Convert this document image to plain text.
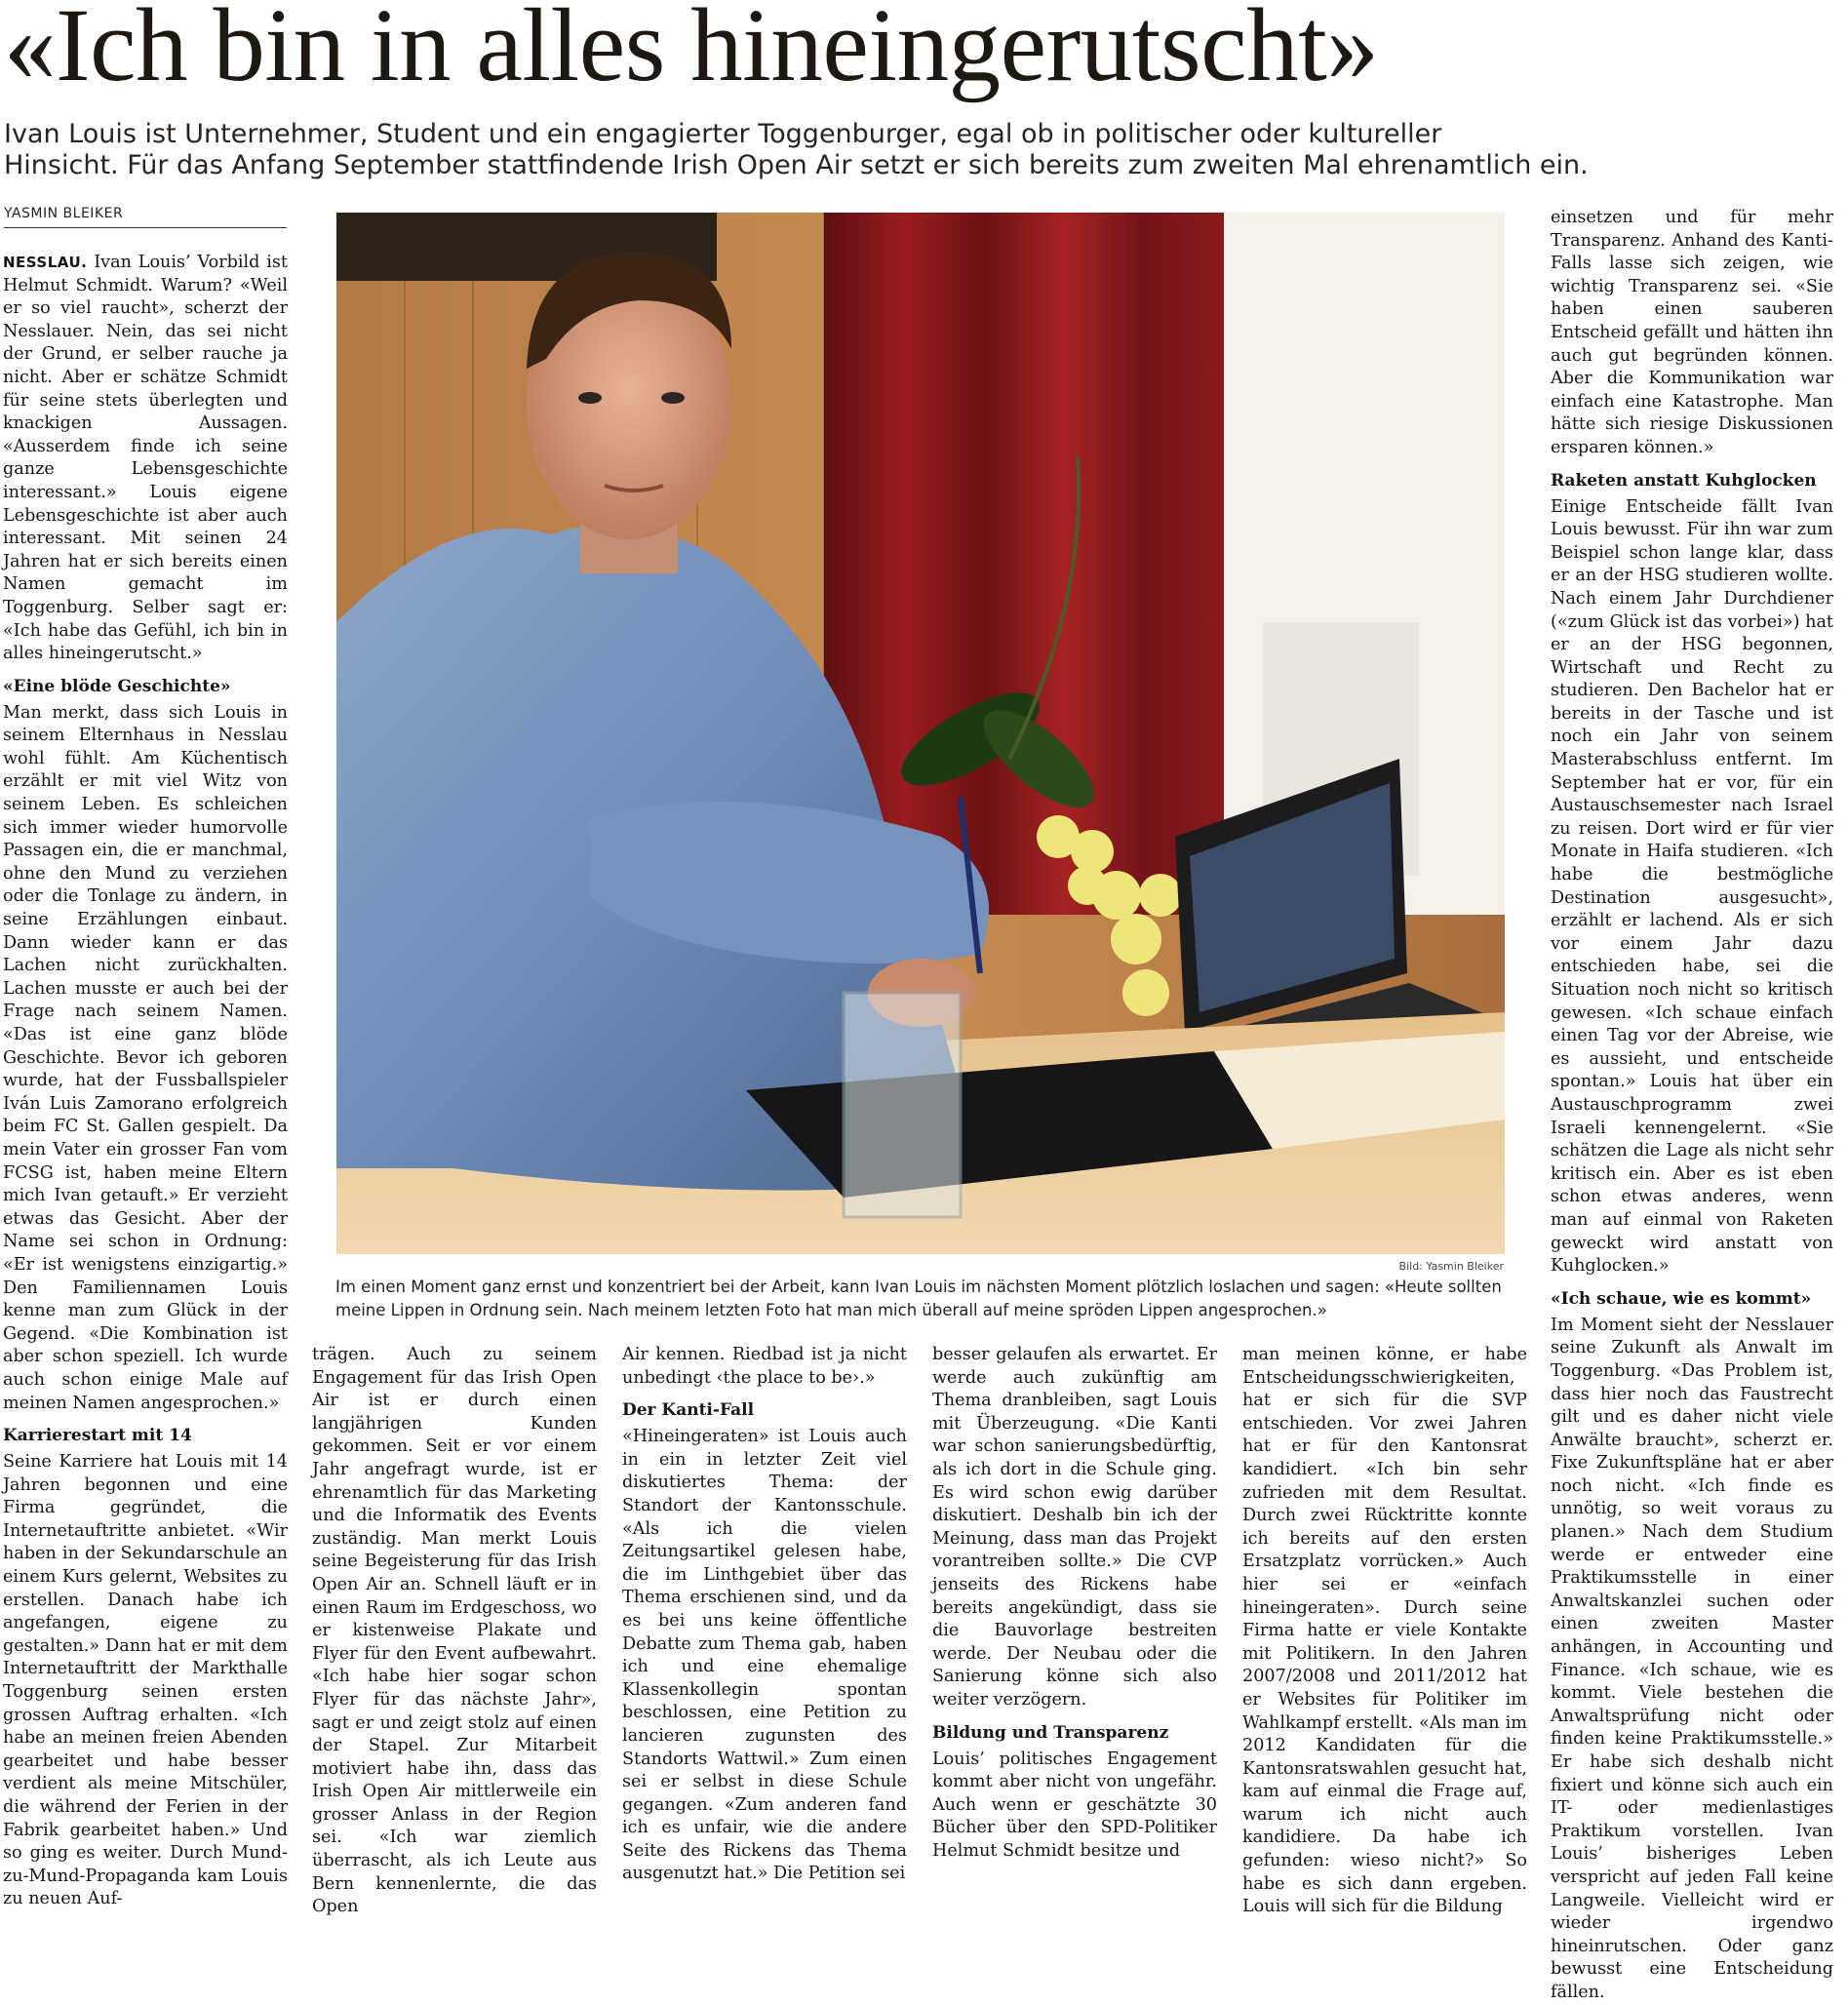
«Ich bin in alles hineingerutscht»
Ivan Louis ist Unternehmer, Student und ein engagierter Toggenburger, egal ob in politischer oder kultureller
Hinsicht. Für das Anfang September stattfindende Irish Open Air setzt er sich bereits zum zweiten Mal ehrenamtlich ein.
YASMIN BLEIKER
Bild: Yasmin Bleiker
Im einen Moment ganz ernst und konzentriert bei der Arbeit, kann Ivan Louis im nächsten Moment plötzlich loslachen und sagen: «Heute sollten
meine Lippen in Ordnung sein. Nach meinem letzten Foto hat man mich überall auf meine spröden Lippen angesprochen.»

NESSLAU. Ivan Louis’ Vorbild ist Helmut Schmidt. Warum? «Weil er so viel raucht», scherzt der Nesslauer. Nein, das sei nicht der Grund, er selber rauche ja nicht. Aber er schätze Schmidt für seine stets überlegten und knackigen Aussagen. «Ausserdem finde ich seine ganze Lebensgeschichte interessant.» Louis eigene Lebensgeschichte ist aber auch interessant. Mit seinen 24 Jahren hat er sich bereits einen Namen gemacht im Toggenburg. Selber sagt er: «Ich habe das Gefühl, ich bin in alles hineingerutscht.»

«Eine blöde Geschichte»

Man merkt, dass sich Louis in seinem Elternhaus in Nesslau wohl fühlt. Am Küchentisch erzählt er mit viel Witz von seinem Leben. Es schleichen sich immer wieder humorvolle Passagen ein, die er manchmal, ohne den Mund zu verziehen oder die Tonlage zu ändern, in seine Erzählungen einbaut. Dann wieder kann er das Lachen nicht zurückhalten. Lachen musste er auch bei der Frage nach seinem Namen. «Das ist eine ganz blöde Geschichte. Bevor ich geboren wurde, hat der Fussballspieler Iván Luis Zamorano erfolgreich beim FC St. Gallen gespielt. Da mein Vater ein grosser Fan vom FCSG ist, haben meine Eltern mich Ivan getauft.» Er verzieht etwas das Gesicht. Aber der Name sei schon in Ordnung: «Er ist wenigstens einzigartig.» Den Familiennamen Louis kenne man zum Glück in der Gegend. «Die Kombination ist aber schon speziell. Ich wurde auch schon einige Male auf meinen Namen angesprochen.»

Karrierestart mit 14

Seine Karriere hat Louis mit 14 Jahren begonnen und eine Firma gegründet, die Internetauftritte anbietet. «Wir haben in der Sekundarschule an einem Kurs gelernt, Websites zu erstellen. Danach habe ich angefangen, eigene zu gestalten.» Dann hat er mit dem Internetauftritt der Markthalle Toggenburg seinen ersten grossen Auftrag erhalten. «Ich habe an meinen freien Abenden gearbeitet und habe besser verdient als meine Mitschüler, die während der Ferien in der Fabrik gearbeitet haben.» Und so ging es weiter. Durch Mund-zu-Mund-Propaganda kam Louis zu neuen Auf-

trägen. Auch zu seinem Engagement für das Irish Open Air ist er durch einen langjährigen Kunden gekommen. Seit er vor einem Jahr angefragt wurde, ist er ehrenamtlich für das Marketing und die Informatik des Events zuständig. Man merkt Louis seine Begeisterung für das Irish Open Air an. Schnell läuft er in einen Raum im Erdgeschoss, wo er kistenweise Plakate und Flyer für den Event aufbewahrt. «Ich habe hier sogar schon Flyer für das nächste Jahr», sagt er und zeigt stolz auf einen der Stapel. Zur Mitarbeit motiviert habe ihn, dass das Irish Open Air mittlerweile ein grosser Anlass in der Region sei. «Ich war ziemlich überrascht, als ich Leute aus Bern kennenlernte, die das Open

Air kennen. Riedbad ist ja nicht unbedingt ‹the place to be›.»

Der Kanti-Fall

«Hineingeraten» ist Louis auch in ein in letzter Zeit viel diskutiertes Thema: der Standort der Kantonsschule. «Als ich die vielen Zeitungsartikel gelesen habe, die im Linthgebiet über das Thema erschienen sind, und da es bei uns keine öffentliche Debatte zum Thema gab, haben ich und eine ehemalige Klassenkollegin spontan beschlossen, eine Petition zu lancieren zugunsten des Standorts Wattwil.» Zum einen sei er selbst in diese Schule gegangen. «Zum anderen fand ich es unfair, wie die andere Seite des Rickens das Thema ausgenutzt hat.» Die Petition sei

besser gelaufen als erwartet. Er werde auch zukünftig am Thema dranbleiben, sagt Louis mit Überzeugung. «Die Kanti war schon sanierungsbedürftig, als ich dort in die Schule ging. Es wird schon ewig darüber diskutiert. Deshalb bin ich der Meinung, dass man das Projekt vorantreiben sollte.» Die CVP jenseits des Rickens habe bereits angekündigt, dass sie die Bauvorlage bestreiten werde. Der Neubau oder die Sanierung könne sich also weiter verzögern.

Bildung und Transparenz

Louis’ politisches Engagement kommt aber nicht von ungefähr. Auch wenn er geschätzte 30 Bücher über den SPD-Politiker Helmut Schmidt besitze und

man meinen könne, er habe Entscheidungsschwierigkeiten, hat er sich für die SVP entschieden. Vor zwei Jahren hat er für den Kantonsrat kandidiert. «Ich bin sehr zufrieden mit dem Resultat. Durch zwei Rücktritte konnte ich bereits auf den ersten Ersatzplatz vorrücken.» Auch hier sei er «einfach hineingeraten». Durch seine Firma hatte er viele Kontakte mit Politikern. In den Jahren 2007/2008 und 2011/2012 hat er Websites für Politiker im Wahlkampf erstellt. «Als man im 2012 Kandidaten für die Kantonsratswahlen gesucht hat, kam auf einmal die Frage auf, warum ich nicht auch kandidiere. Da habe ich gefunden: wieso nicht?» So habe es sich dann ergeben. Louis will sich für die Bildung

einsetzen und für mehr Transparenz. Anhand des Kanti-Falls lasse sich zeigen, wie wichtig Transparenz sei. «Sie haben einen sauberen Entscheid gefällt und hätten ihn auch gut begründen können. Aber die Kommunikation war einfach eine Katastrophe. Man hätte sich riesige Diskussionen ersparen können.»

Raketen anstatt Kuhglocken

Einige Entscheide fällt Ivan Louis bewusst. Für ihn war zum Beispiel schon lange klar, dass er an der HSG studieren wollte. Nach einem Jahr Durchdiener («zum Glück ist das vorbei») hat er an der HSG begonnen, Wirtschaft und Recht zu studieren. Den Bachelor hat er bereits in der Tasche und ist noch ein Jahr von seinem Masterabschluss entfernt. Im September hat er vor, für ein Austauschsemester nach Israel zu reisen. Dort wird er für vier Monate in Haifa studieren. «Ich habe die bestmögliche Destination ausgesucht», erzählt er lachend. Als er sich vor einem Jahr dazu entschieden habe, sei die Situation noch nicht so kritisch gewesen. «Ich schaue einfach einen Tag vor der Abreise, wie es aussieht, und entscheide spontan.» Louis hat über ein Austauschprogramm zwei Israeli kennengelernt. «Sie schätzen die Lage als nicht sehr kritisch ein. Aber es ist eben schon etwas anderes, wenn man auf einmal von Raketen geweckt wird anstatt von Kuhglocken.»

«Ich schaue, wie es kommt»

Im Moment sieht der Nesslauer seine Zukunft als Anwalt im Toggenburg. «Das Problem ist, dass hier noch das Faustrecht gilt und es daher nicht viele Anwälte braucht», scherzt er. Fixe Zukunftspläne hat er aber noch nicht. «Ich finde es unnötig, so weit voraus zu planen.» Nach dem Studium werde er entweder eine Praktikumsstelle in einer Anwaltskanzlei suchen oder einen zweiten Master anhängen, in Accounting und Finance. «Ich schaue, wie es kommt. Viele bestehen die Anwaltsprüfung nicht oder finden keine Praktikumsstelle.» Er habe sich deshalb nicht fixiert und könne sich auch ein IT- oder medienlastiges Praktikum vorstellen. Ivan Louis’ bisheriges Leben verspricht auf jeden Fall keine Langweile. Vielleicht wird er wieder irgendwo hineinrutschen. Oder ganz bewusst eine Entscheidung fällen.
